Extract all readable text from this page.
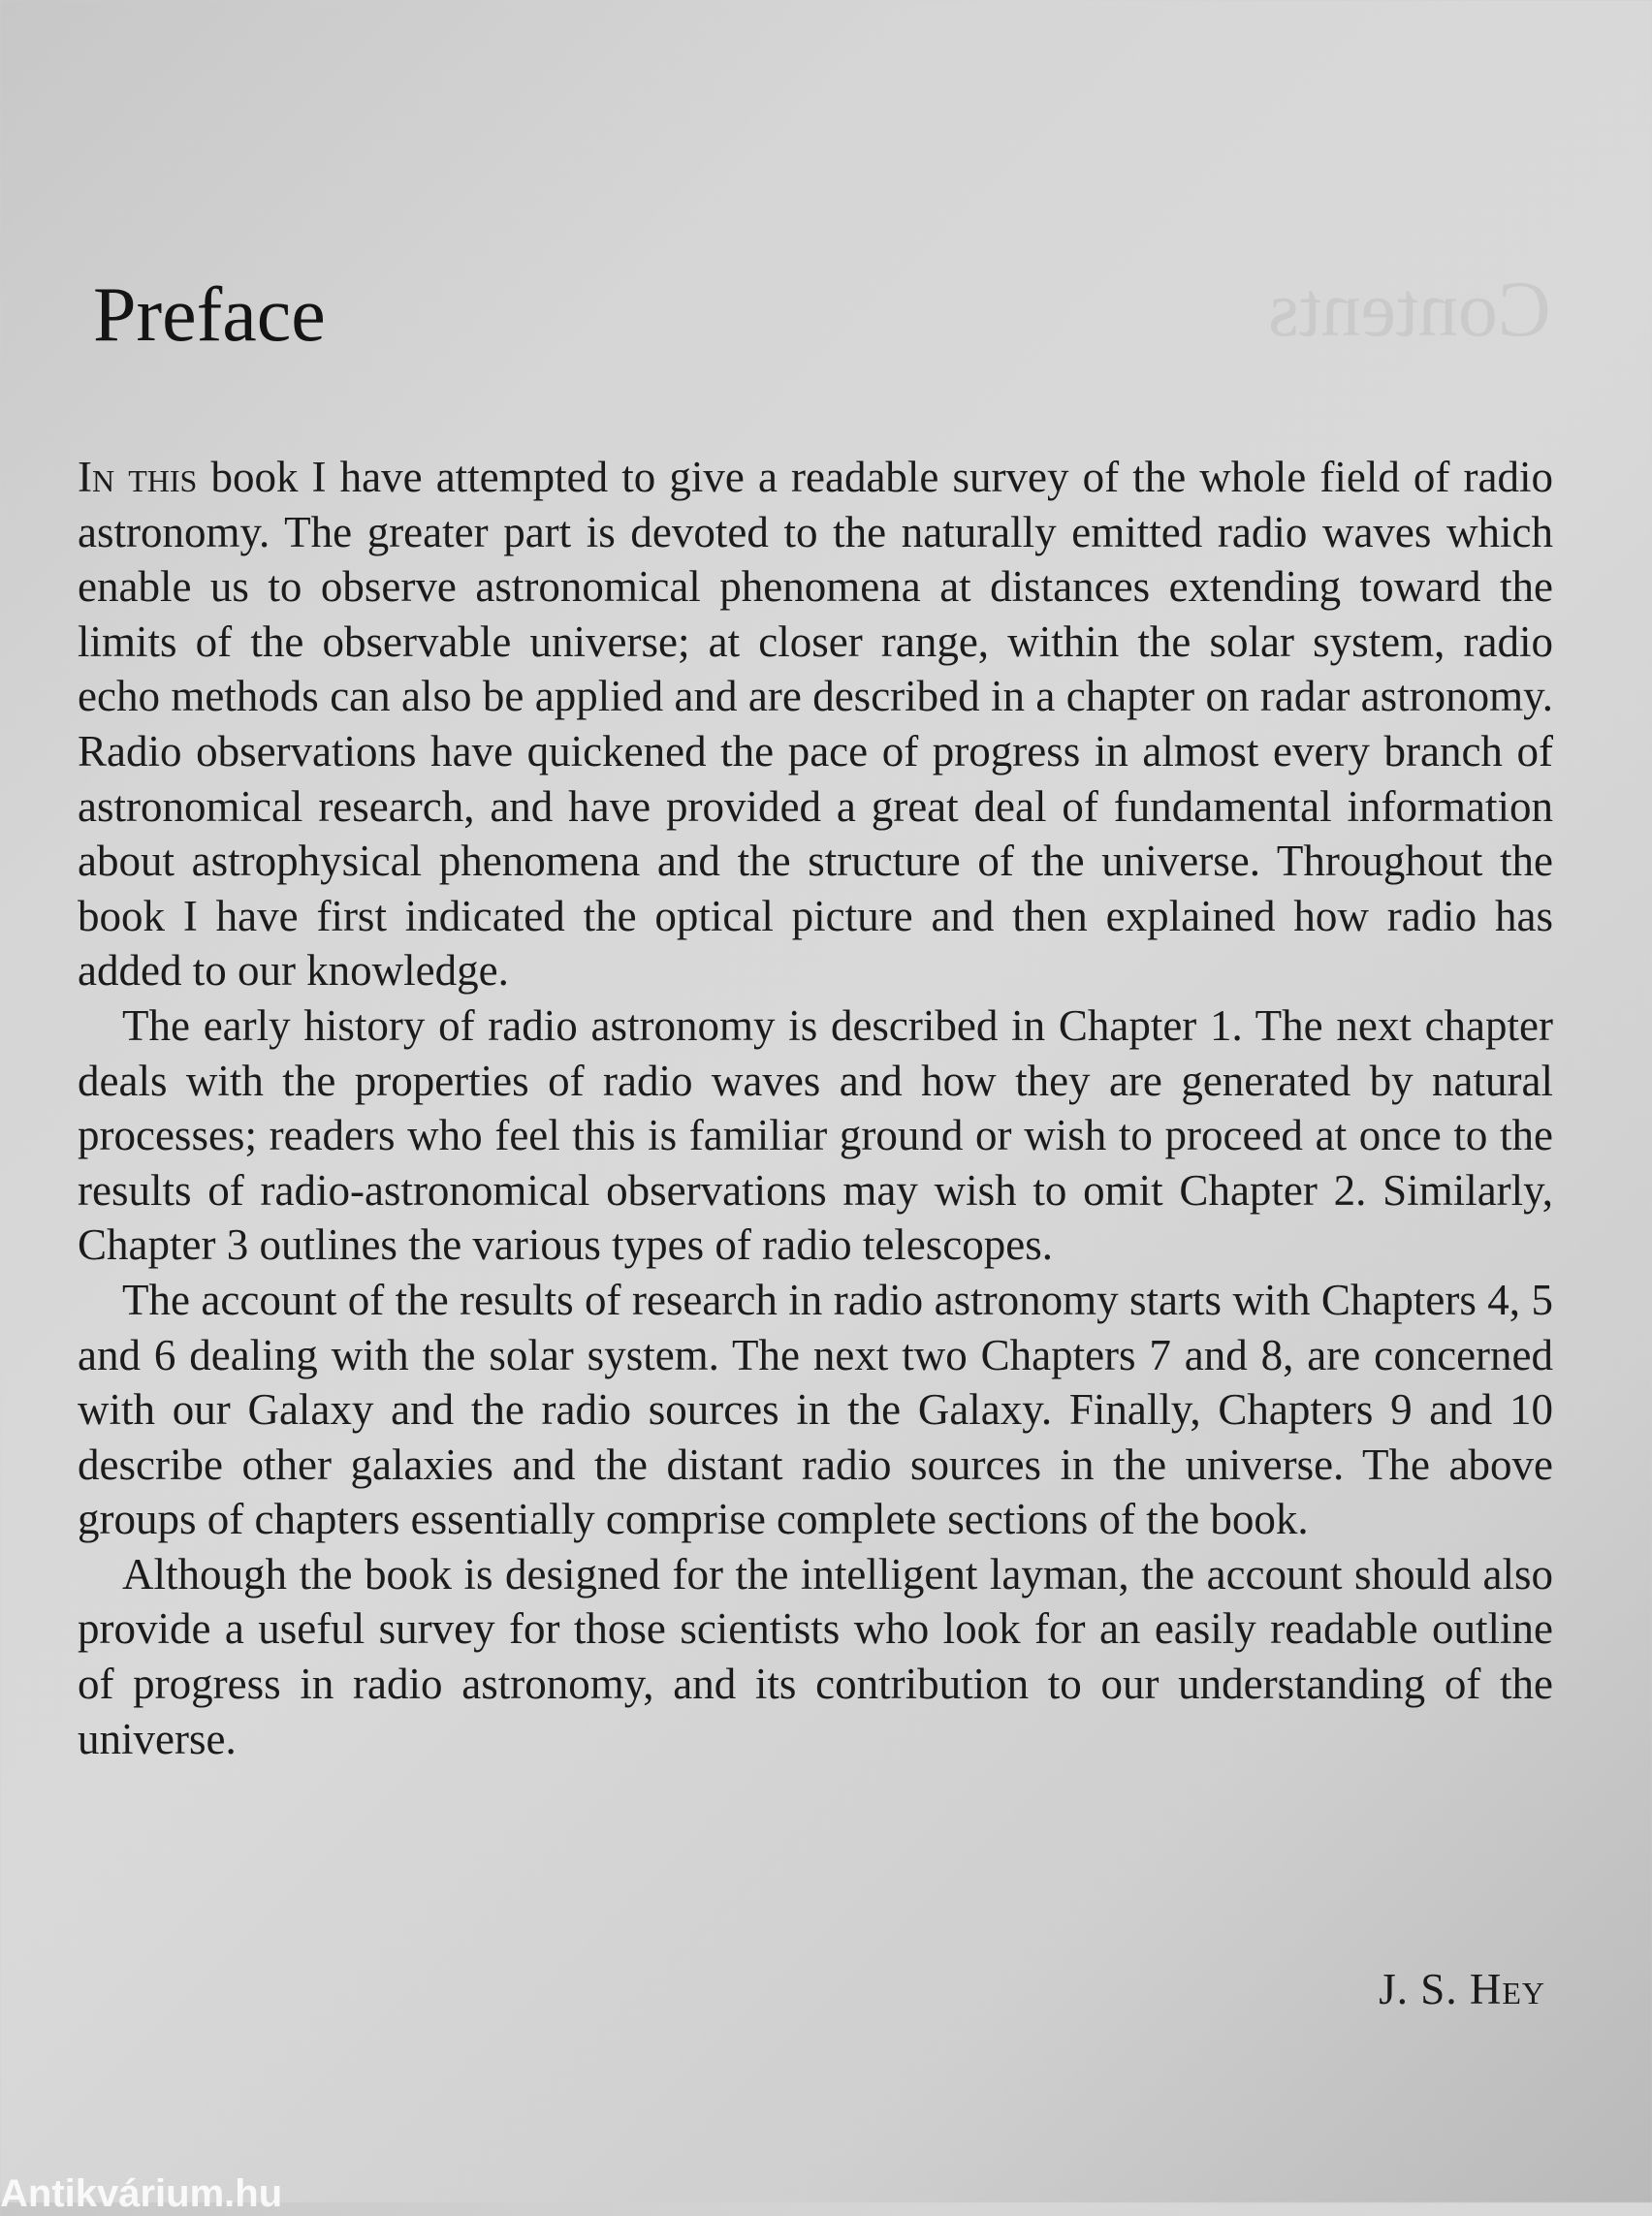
Contents
Preface

In this book I have attempted to give a readable survey of the whole field of radio astronomy. The greater part is devoted to the naturally emitted radio waves which enable us to observe astronomical phenomena at distances extending toward the limits of the observable universe; at closer range, within the solar system, radio echo methods can also be applied and are described in a chapter on radar astronomy. Radio observations have quickened the pace of progress in almost every branch of astronomical research, and have provided a great deal of fundamental information about astrophysical phenomena and the structure of the universe. Throughout the book I have first indicated the optical picture and then explained how radio has added to our knowledge.

The early history of radio astronomy is described in Chapter 1. The next chapter deals with the properties of radio waves and how they are generated by natural processes; readers who feel this is familiar ground or wish to proceed at once to the results of radio-astronomical observations may wish to omit Chapter 2. Similarly, Chapter 3 outlines the various types of radio telescopes.

The account of the results of research in radio astronomy starts with Chapters 4, 5 and 6 dealing with the solar system. The next two Chapters 7 and 8, are concerned with our Galaxy and the radio sources in the Galaxy. Finally, Chapters 9 and 10 describe other galaxies and the distant radio sources in the universe. The above groups of chapters essentially comprise complete sections of the book.

Although the book is designed for the intelligent layman, the account should also provide a useful survey for those scientists who look for an easily readable outline of progress in radio astronomy, and its contribution to our understanding of the universe.

J. S. Hey

Antikvárium.hu
